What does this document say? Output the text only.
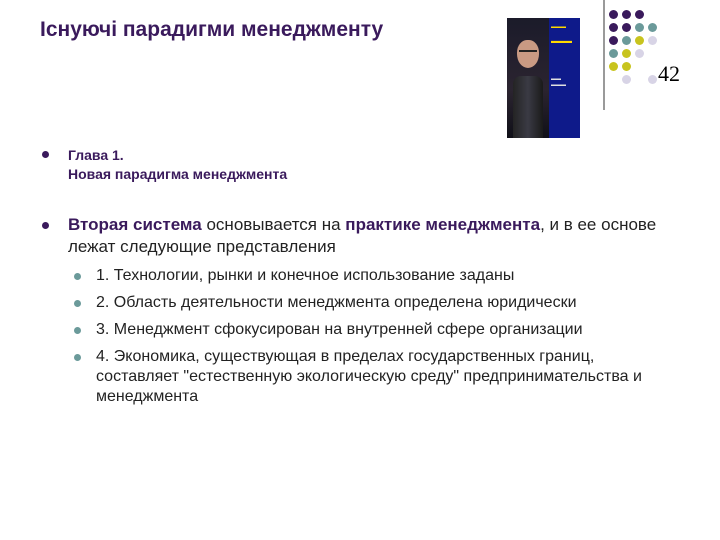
Існуючі парадигми менеджменту	▬▬▬
▬▬▬
▬▬
▬▬▬	42
Глава 1.
Новая парадигма менеджмента
Вторая система основывается на практике менеджмента, и в ее основе лежат следующие представления
1. Технологии, рынки и конечное использование заданы
2. Область деятельности менеджмента определена юридически
3. Менеджмент сфокусирован на внутренней сфере организации
4. Экономика, существующая в пределах государственных границ, составляет "естественную экологическую среду" предпринимательства и менеджмента
